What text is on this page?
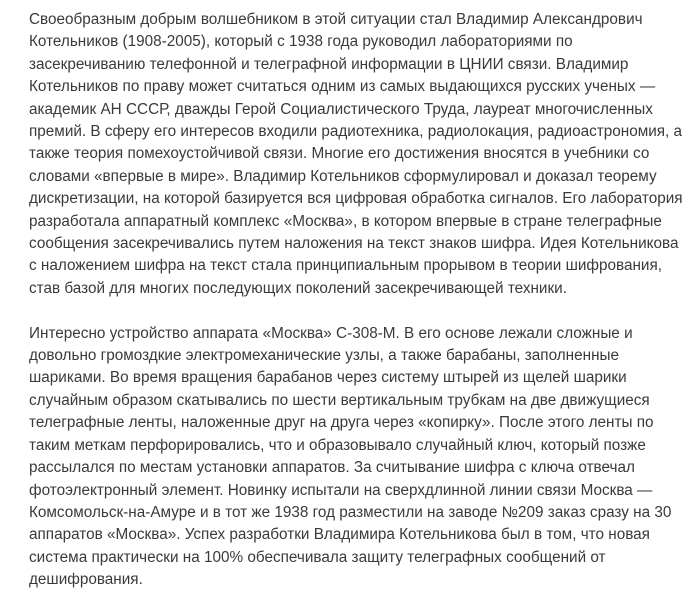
Своеобразным добрым волшебником в этой ситуации стал Владимир Александрович Котельников (1908-2005), который с 1938 года руководил лабораториями по засекречиванию телефонной и телеграфной информации в ЦНИИ связи. Владимир Котельников по праву может считаться одним из самых выдающихся русских ученых — академик АН СССР, дважды Герой Социалистического Труда, лауреат многочисленных премий. В сферу его интересов входили радиотехника, радиолокация, радиоастрономия, а также теория помехоустойчивой связи. Многие его достижения вносятся в учебники со словами «впервые в мире». Владимир Котельников сформулировал и доказал теорему дискретизации, на которой базируется вся цифровая обработка сигналов. Его лаборатория разработала аппаратный комплекс «Москва», в котором впервые в стране телеграфные сообщения засекречивались путем наложения на текст знаков шифра. Идея Котельникова с наложением шифра на текст стала принципиальным прорывом в теории шифрования, став базой для многих последующих поколений засекречивающей техники.

Интересно устройство аппарата «Москва» С-308-М. В его основе лежали сложные и довольно громоздкие электромеханические узлы, а также барабаны, заполненные шариками. Во время вращения барабанов через систему штырей из щелей шарики случайным образом скатывались по шести вертикальным трубкам на две движущиеся телеграфные ленты, наложенные друг на друга через «копирку». После этого ленты по таким меткам перфорировались, что и образовывало случайный ключ, который позже рассылался по местам установки аппаратов. За считывание шифра с ключа отвечал фотоэлектронный элемент. Новинку испытали на сверхдлинной линии связи Москва — Комсомольск-на-Амуре и в тот же 1938 год разместили на заводе №209 заказ сразу на 30 аппаратов «Москва». Успех разработки Владимира Котельникова был в том, что новая система практически на 100% обеспечивала защиту телеграфных сообщений от дешифрования.
